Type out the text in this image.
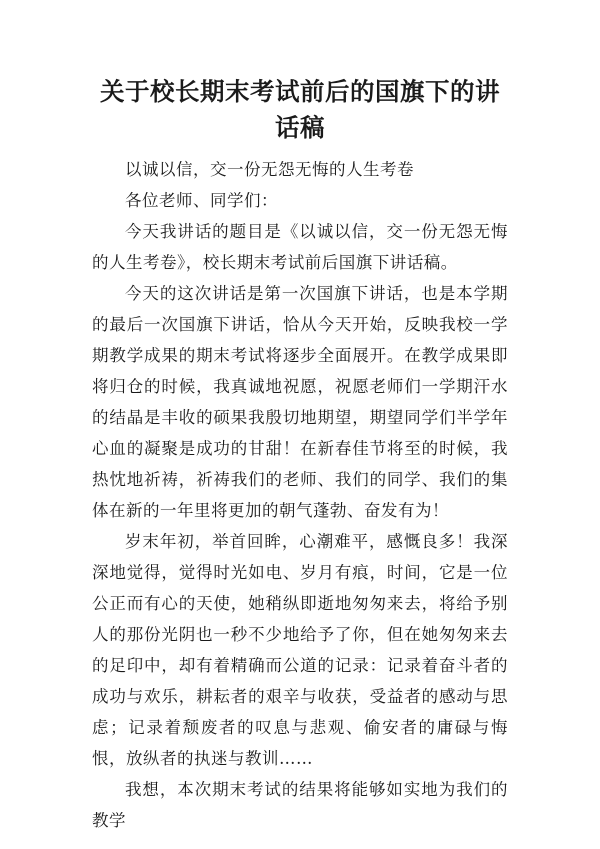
关于校长期末考试前后的国旗下的讲话稿

以诚以信，交一份无怨无悔的人生考卷

各位老师、同学们：

今天我讲话的题目是《以诚以信，交一份无怨无悔的人生考卷》，校长期末考试前后国旗下讲话稿。

今天的这次讲话是第一次国旗下讲话，也是本学期的最后一次国旗下讲话，恰从今天开始，反映我校一学期教学成果的期末考试将逐步全面展开。在教学成果即将归仓的时候，我真诚地祝愿，祝愿老师们一学期汗水的结晶是丰收的硕果我殷切地期望，期望同学们半学年心血的凝聚是成功的甘甜！在新春佳节将至的时候，我热忱地祈祷，祈祷我们的老师、我们的同学、我们的集体在新的一年里将更加的朝气蓬勃、奋发有为！

岁末年初，举首回眸，心潮难平，感慨良多！我深深地觉得，觉得时光如电、岁月有痕，时间，它是一位公正而有心的天使，她稍纵即逝地匆匆来去，将给予别人的那份光阴也一秒不少地给予了你，但在她匆匆来去的足印中，却有着精确而公道的记录：记录着奋斗者的成功与欢乐，耕耘者的艰辛与收获，受益者的感动与思虑；记录着颓废者的叹息与悲观、偷安者的庸碌与悔恨，放纵者的执迷与教训……

我想，本次期末考试的结果将能够如实地为我们的教学
